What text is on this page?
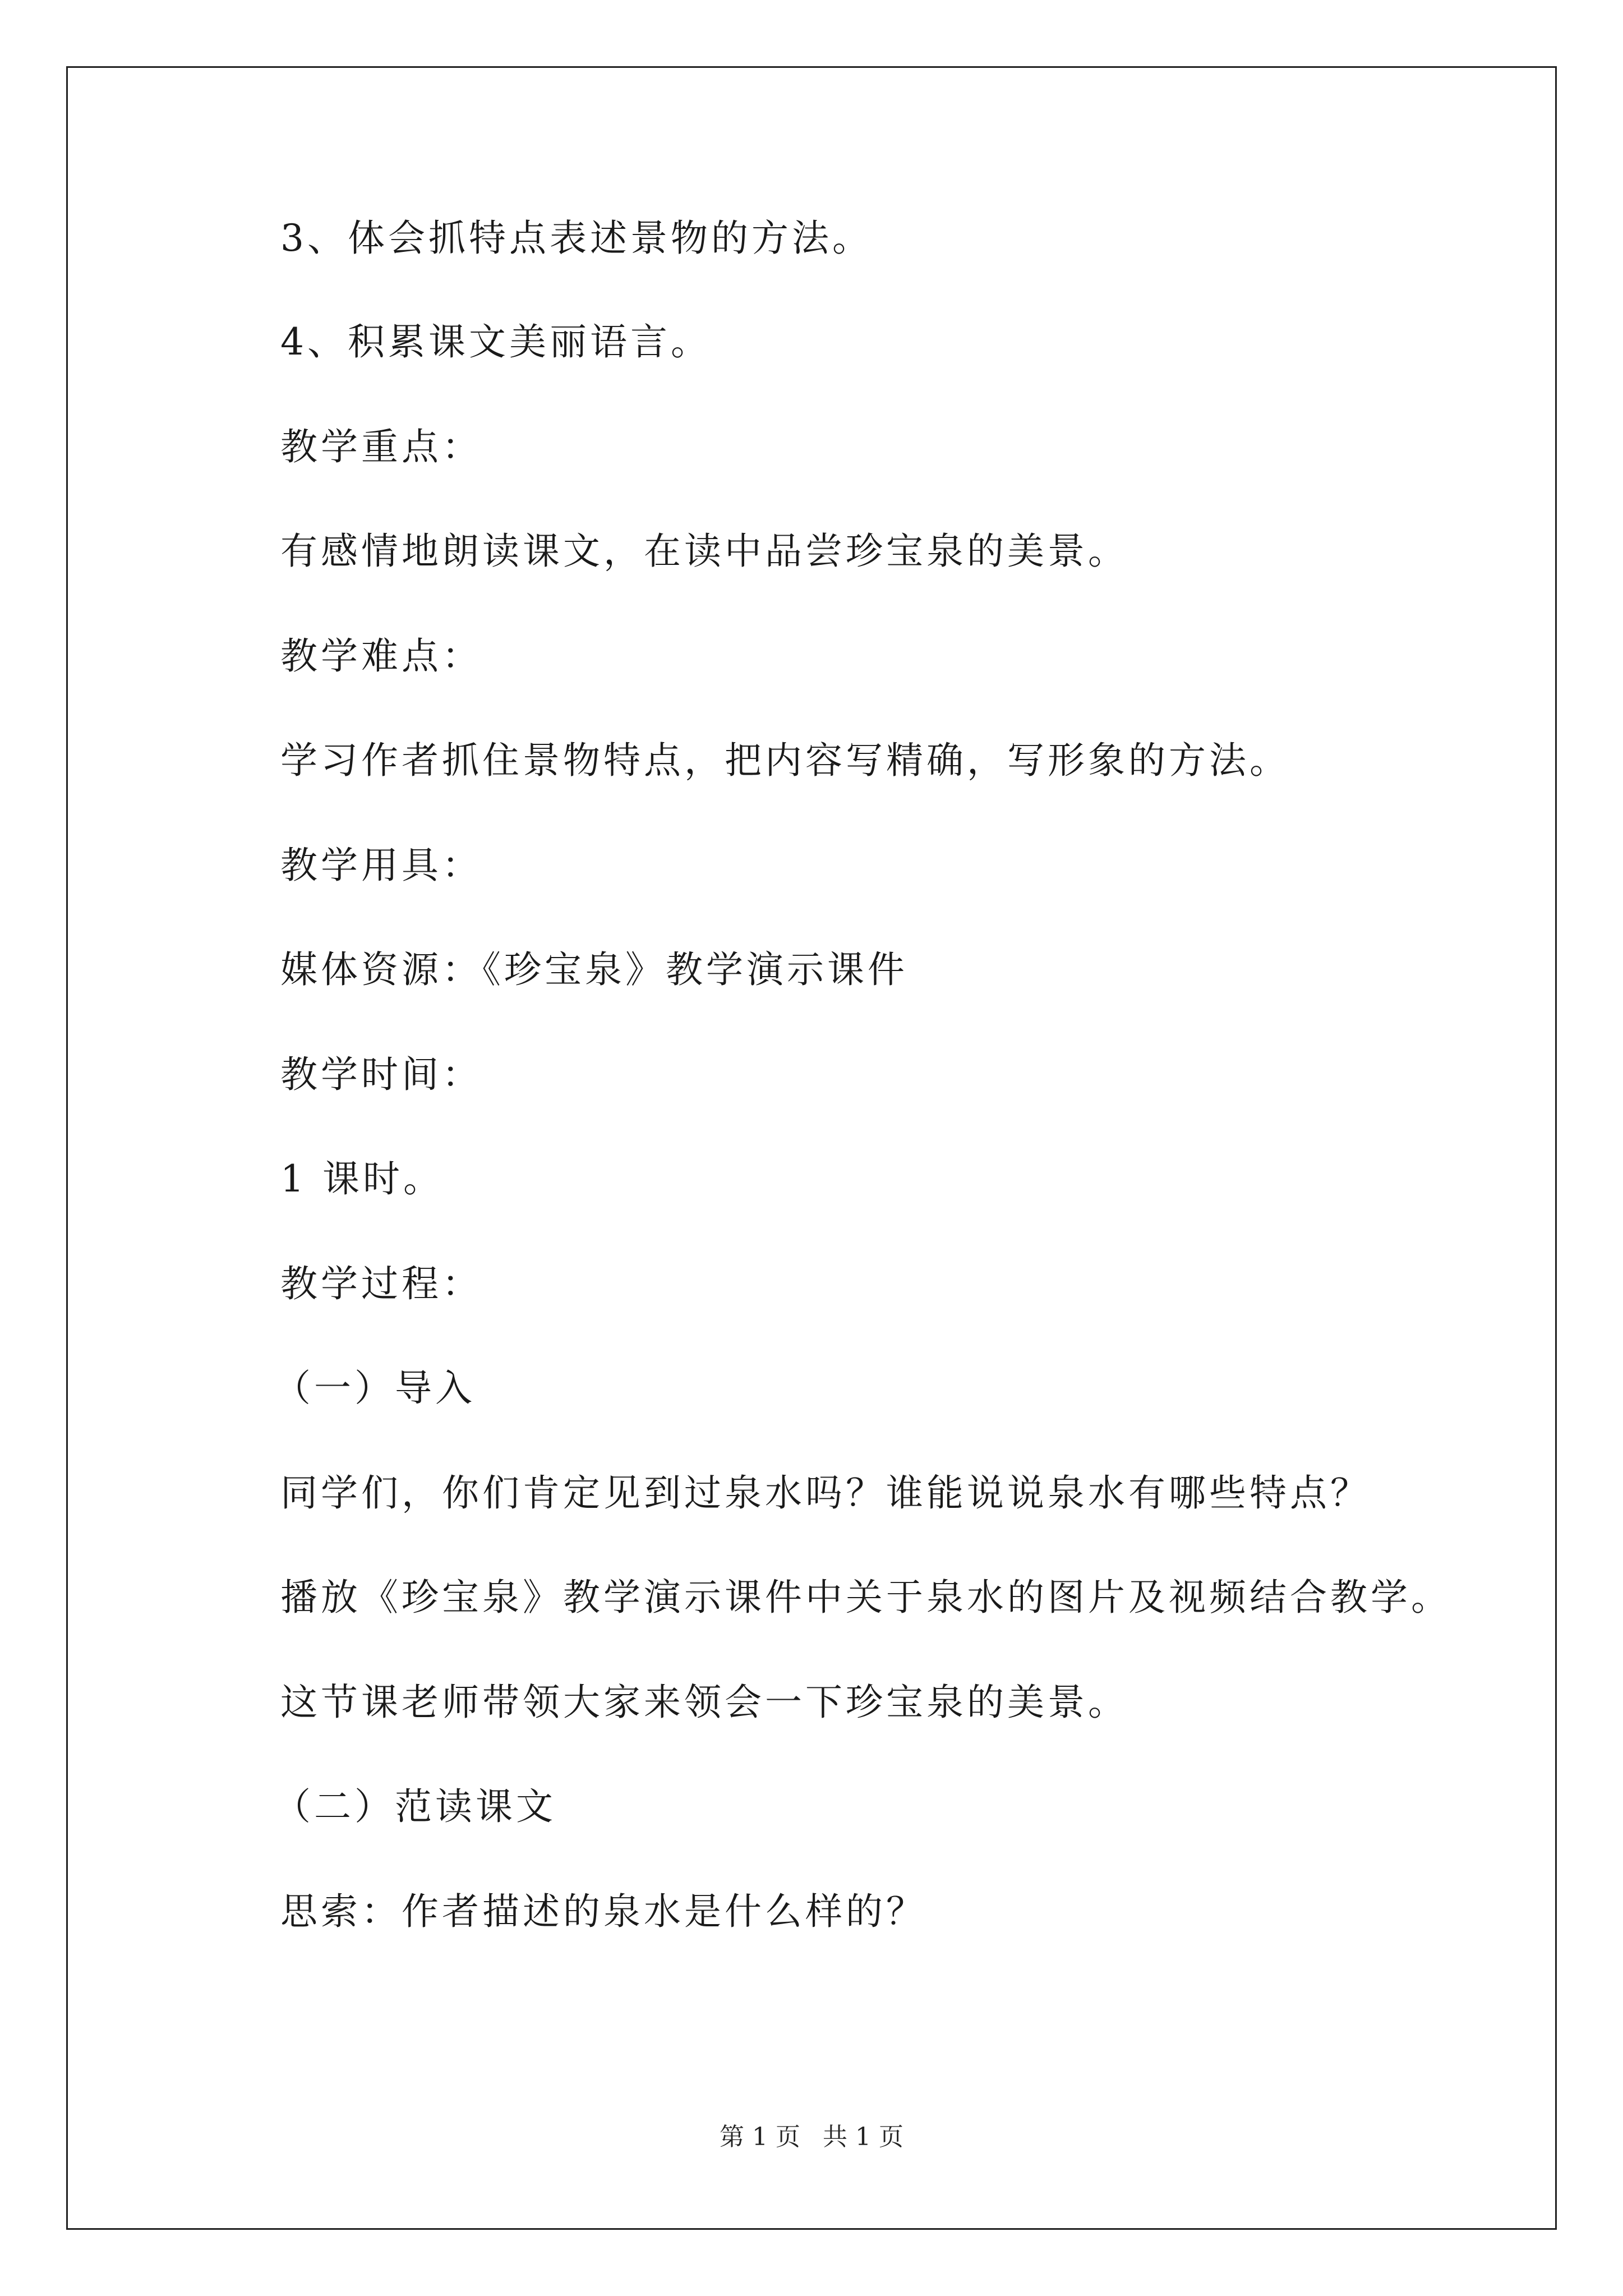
3、体会抓特点表述景物的方法。
4、积累课文美丽语言。
教学重点：
有感情地朗读课文，在读中品尝珍宝泉的美景。
教学难点：
学习作者抓住景物特点，把内容写精确，写形象的方法。
教学用具：
媒体资源：《珍宝泉》教学演示课件
教学时间：
1 课时。
教学过程：
（一）导入
同学们，你们肯定见到过泉水吗？谁能说说泉水有哪些特点？
播放《珍宝泉》教学演示课件中关于泉水的图片及视频结合教学。
这节课老师带领大家来领会一下珍宝泉的美景。
（二）范读课文
思索：作者描述的泉水是什么样的？
第 1 页 共 1 页
